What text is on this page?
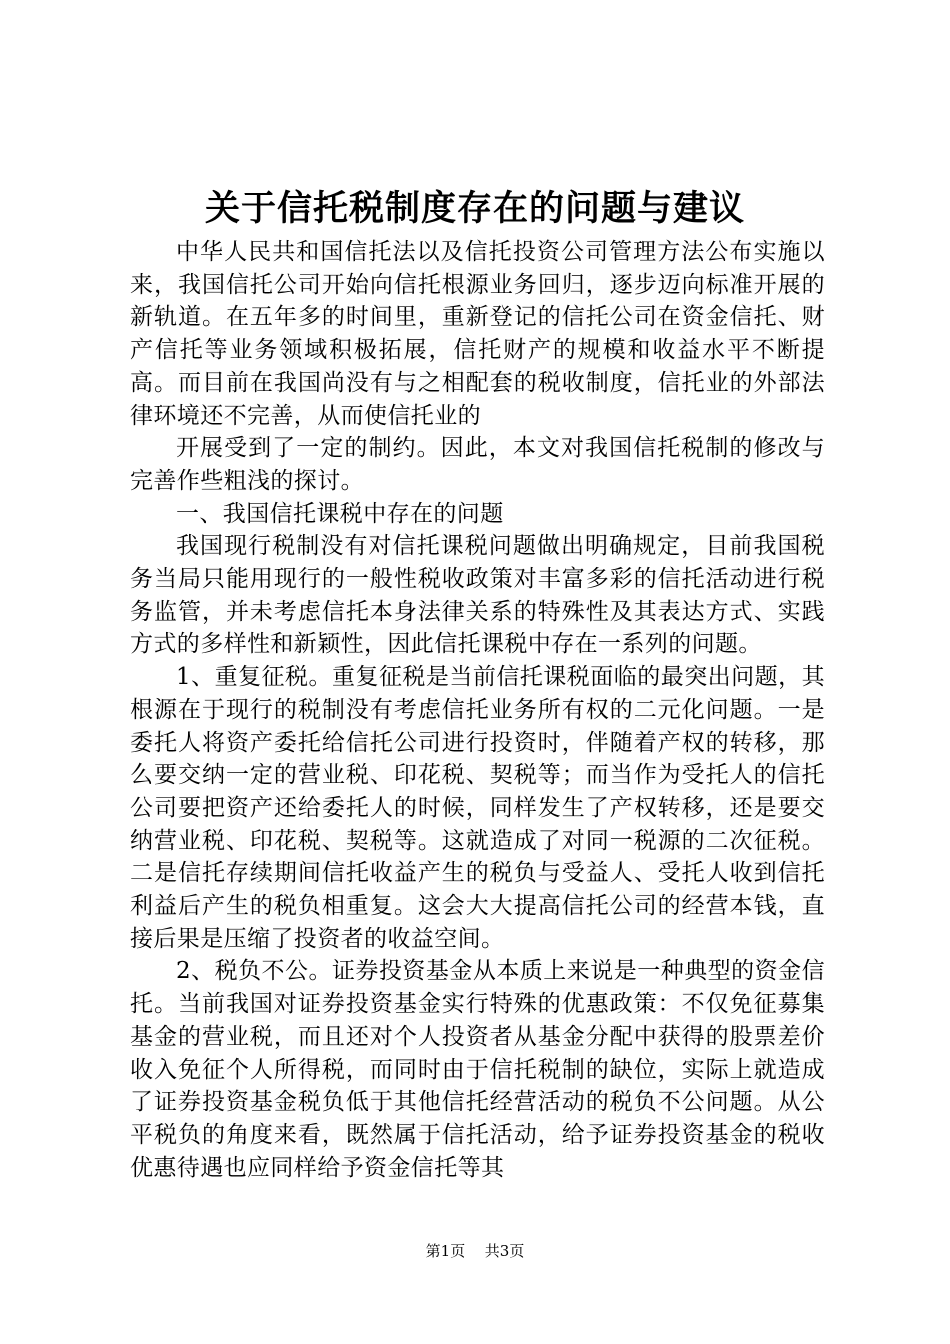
关于信托税制度存在的问题与建议

中华人民共和国信托法以及信托投资公司管理方法公布实施以来，我国信托公司开始向信托根源业务回归，逐步迈向标准开展的新轨道。在五年多的时间里，重新登记的信托公司在资金信托、财产信托等业务领域积极拓展，信托财产的规模和收益水平不断提高。而目前在我国尚没有与之相配套的税收制度，信托业的外部法律环境还不完善，从而使信托业的

开展受到了一定的制约。因此，本文对我国信托税制的修改与完善作些粗浅的探讨。

一、我国信托课税中存在的问题

我国现行税制没有对信托课税问题做出明确规定，目前我国税务当局只能用现行的一般性税收政策对丰富多彩的信托活动进行税务监管，并未考虑信托本身法律关系的特殊性及其表达方式、实践方式的多样性和新颖性，因此信托课税中存在一系列的问题。

1、重复征税。重复征税是当前信托课税面临的最突出问题，其根源在于现行的税制没有考虑信托业务所有权的二元化问题。一是委托人将资产委托给信托公司进行投资时，伴随着产权的转移，那么要交纳一定的营业税、印花税、契税等；而当作为受托人的信托公司要把资产还给委托人的时候，同样发生了产权转移，还是要交纳营业税、印花税、契税等。这就造成了对同一税源的二次征税。二是信托存续期间信托收益产生的税负与受益人、受托人收到信托利益后产生的税负相重复。这会大大提高信托公司的经营本钱，直接后果是压缩了投资者的收益空间。

2、税负不公。证券投资基金从本质上来说是一种典型的资金信托。当前我国对证券投资基金实行特殊的优惠政策：不仅免征募集基金的营业税，而且还对个人投资者从基金分配中获得的股票差价收入免征个人所得税，而同时由于信托税制的缺位，实际上就造成了证券投资基金税负低于其他信托经营活动的税负不公问题。从公平税负的角度来看，既然属于信托活动，给予证券投资基金的税收优惠待遇也应同样给予资金信托等其

第1页 共3页
